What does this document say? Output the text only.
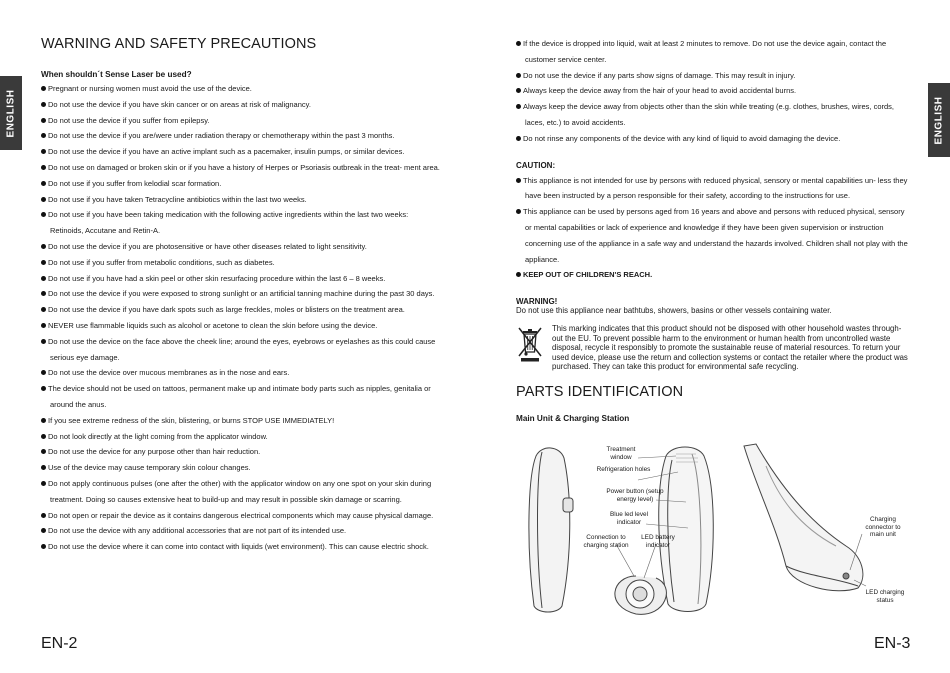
ENGLISH	ENGLISH
WARNING AND SAFETY PRECAUTIONS
When shouldn´t Sense Laser be used?
Pregnant or nursing women must avoid the use of the device.
Do not use the device if you have skin cancer or on areas at risk of malignancy.
Do not use the device if you suffer from epilepsy.
Do not use the device if you are/were under radiation therapy or chemotherapy within the past 3 months.
Do not use the device if you have an active implant such as a pacemaker, insulin pumps, or similar devices.
Do not use on damaged or broken skin or if you have a history of Herpes or Psoriasis outbreak in the treat- ment area.
Do not use if you suffer from kelodial scar formation.
Do not use if you have taken Tetracycline antibiotics within the last two weeks.
Do not use if you have been taking medication with the following active ingredients within the last two weeks: Retinoids, Accutane and Retin-A.
Do not use the device if you are photosensitive or have other diseases related to light sensitivity.
Do not use if you suffer from metabolic conditions, such as diabetes.
Do not use if you have had a skin peel or other skin resurfacing procedure within the last 6 – 8 weeks.
Do not use the device if you were exposed to strong sunlight or an artificial tanning machine during the past 30 days.
Do not use the device if you have dark spots such as large freckles, moles or blisters on the treatment area.
NEVER use flammable liquids such as alcohol or acetone to clean the skin before using the device.
Do not use the device on the face above the cheek line; around the eyes, eyebrows or eyelashes as this could cause serious eye damage.
Do not use the device over mucous membranes as in the nose and ears.
The device should not be used on tattoos, permanent make up and intimate body parts such as nipples, genitalia or around the anus.
If you see extreme redness of the skin, blistering, or burns STOP USE IMMEDIATELY!
Do not look directly at the light coming from the applicator window.
Do not use the device for any purpose other than hair reduction.
Use of the device may cause temporary skin colour changes.
Do not apply continuous pulses (one after the other) with the applicator window on any one spot on your skin during treatment. Doing so causes extensive heat to build-up and may result in possible skin damage or scarring.
Do not open or repair the device as it contains dangerous electrical components which may cause physical damage.
Do not use the device with any additional accessories that are not part of its intended use.
Do not use the device where it can come into contact with liquids (wet environment). This can cause electric shock.
If the device is dropped into liquid, wait at least 2 minutes to remove. Do not use the device again, contact the customer service center.
Do not use the device if any parts show signs of damage. This may result in injury.
Always keep the device away from the hair of your head to avoid accidental burns.
Always keep the device away from objects other than the skin while treating (e.g. clothes, brushes, wires, cords, laces, etc.) to avoid accidents.
Do not rinse any components of the device with any kind of liquid to avoid damaging the device.
CAUTION:
This appliance is not intended for use by persons with reduced physical, sensory or mental capabilities un- less they have been instructed by a person responsible for their safety, according to the instructions for use.
This appliance can be used by persons aged from 16 years and above and persons with reduced physical, sensory or mental capabilities or lack of experience and knowledge if they have been given supervision or instruction concerning use of the appliance in a safe way and understand the hazards involved. Children shall not play with the appliance.
KEEP OUT OF CHILDREN'S REACH.
WARNING!
Do not use this appliance near bathtubs, showers, basins or other vessels containing water.
This marking indicates that this product should not be disposed with other household wastes through- out the EU. To prevent possible harm to the environment or human health from uncontrolled waste disposal, recycle it responsibly to promote the sustainable reuse of material resources. To return your used device, please use the return and collection systems or contact the retailer where the product was purchased. They can take this product for environmental safe recycling.
PARTS IDENTIFICATION
Main Unit & Charging Station
Treatment window
Refrigeration holes
Power button (setup energy level)
Blue led level indicator
Connection to charging station
LED battery indicator
Charging connector to main unit
LED charging status
EN-2	EN-3
